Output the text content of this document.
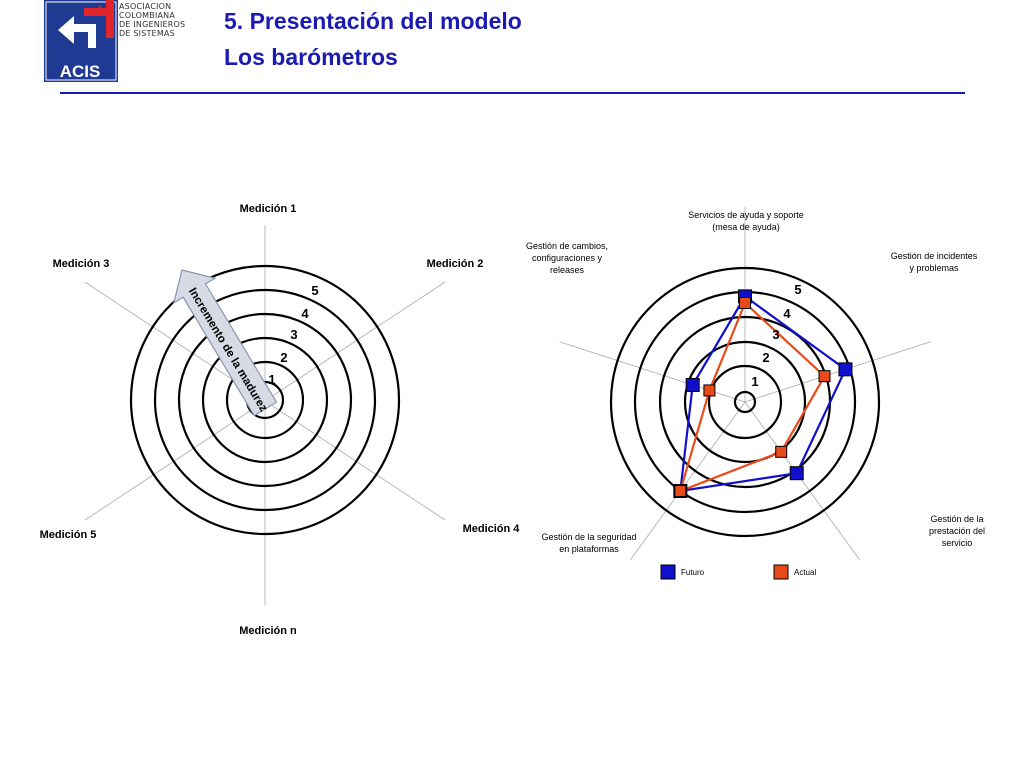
ACIS
ASOCIACION
COLOMBIANA
DE INGENIEROS
DE SISTEMAS	5. Presentación del modelo
Los barómetros
1
2
3
4
5
Incremento de la madurez
Medición 1
Medición 2
Medición 4
Medición n
Medición 5
Medición 3
1
2
3
4
5
Servicios de ayuda y soporte (mesa de ayuda)
Gestión de incidentes y problemas
Gestión de la prestación del servicio
Gestión de la seguridad en plataformas
Gestión de cambios, configuraciones y releases
Futuro	Actual
